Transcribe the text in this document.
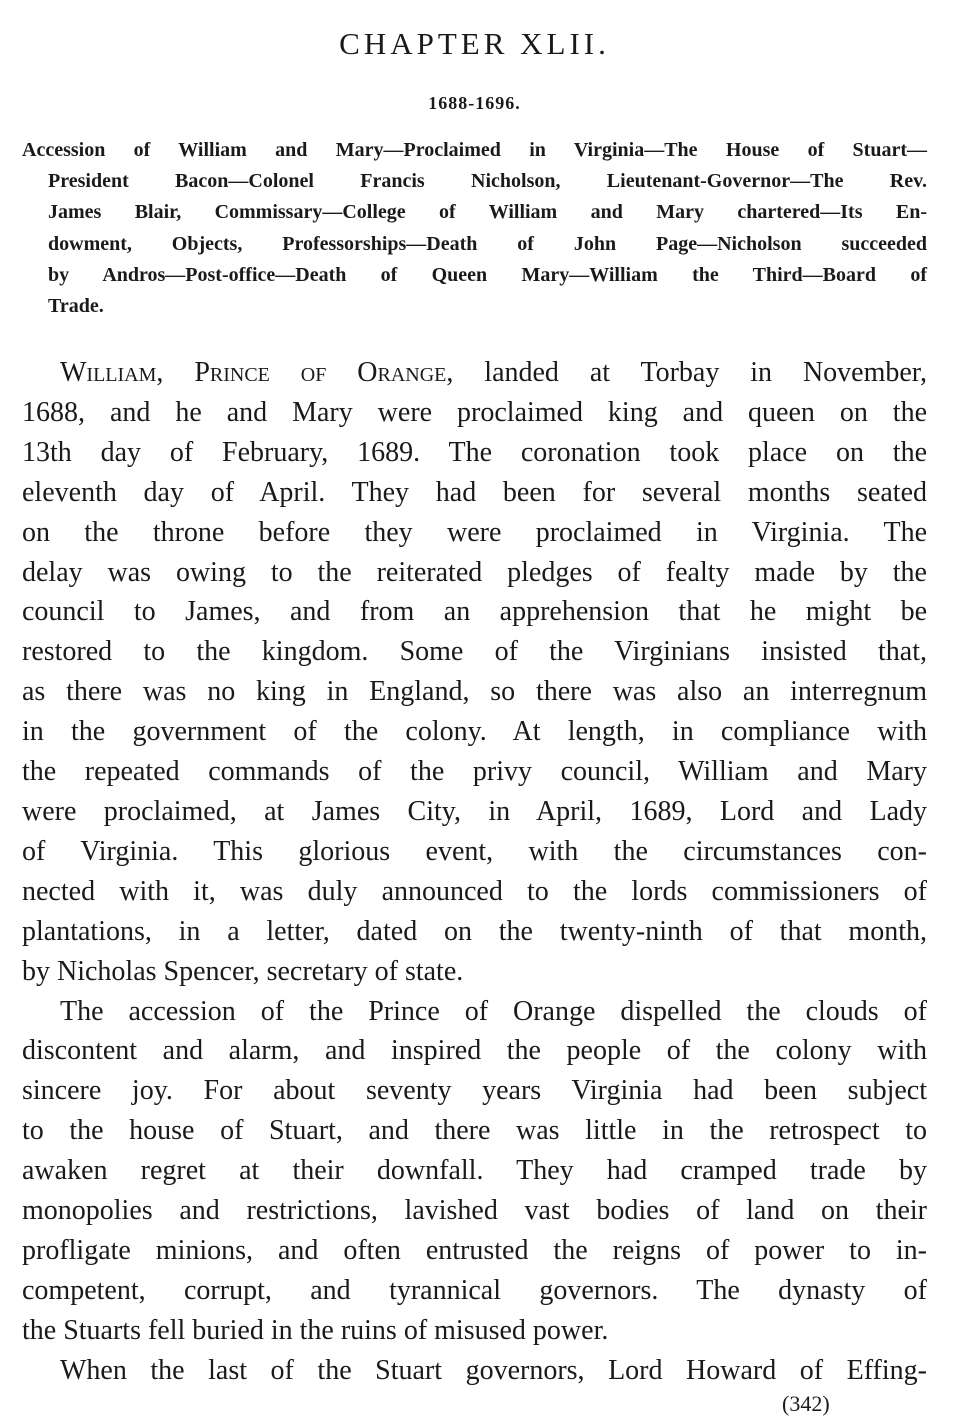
CHAPTER XLII.
1688-1696.
Accession of William and Mary—Proclaimed in Virginia—The House of Stuart—
President Bacon—Colonel Francis Nicholson, Lieutenant-Governor—The Rev.
James Blair, Commissary—College of William and Mary chartered—Its En-
dowment, Objects, Professorships—Death of John Page—Nicholson succeeded
by Andros—Post-office—Death of Queen Mary—William the Third—Board of
Trade.
William, Prince of Orange, landed at Torbay in November,
1688, and he and Mary were proclaimed king and queen on the
13th day of February, 1689. The coronation took place on the
eleventh day of April. They had been for several months seated
on the throne before they were proclaimed in Virginia. The
delay was owing to the reiterated pledges of fealty made by the
council to James, and from an apprehension that he might be
restored to the kingdom. Some of the Virginians insisted that,
as there was no king in England, so there was also an interregnum
in the government of the colony. At length, in compliance with
the repeated commands of the privy council, William and Mary
were proclaimed, at James City, in April, 1689, Lord and Lady
of Virginia. This glorious event, with the circumstances con-
nected with it, was duly announced to the lords commissioners of
plantations, in a letter, dated on the twenty-ninth of that month,
by Nicholas Spencer, secretary of state.
The accession of the Prince of Orange dispelled the clouds of
discontent and alarm, and inspired the people of the colony with
sincere joy. For about seventy years Virginia had been subject
to the house of Stuart, and there was little in the retrospect to
awaken regret at their downfall. They had cramped trade by
monopolies and restrictions, lavished vast bodies of land on their
profligate minions, and often entrusted the reigns of power to in-
competent, corrupt, and tyrannical governors. The dynasty of
the Stuarts fell buried in the ruins of misused power.
When the last of the Stuart governors, Lord Howard of Effing-
(342)
